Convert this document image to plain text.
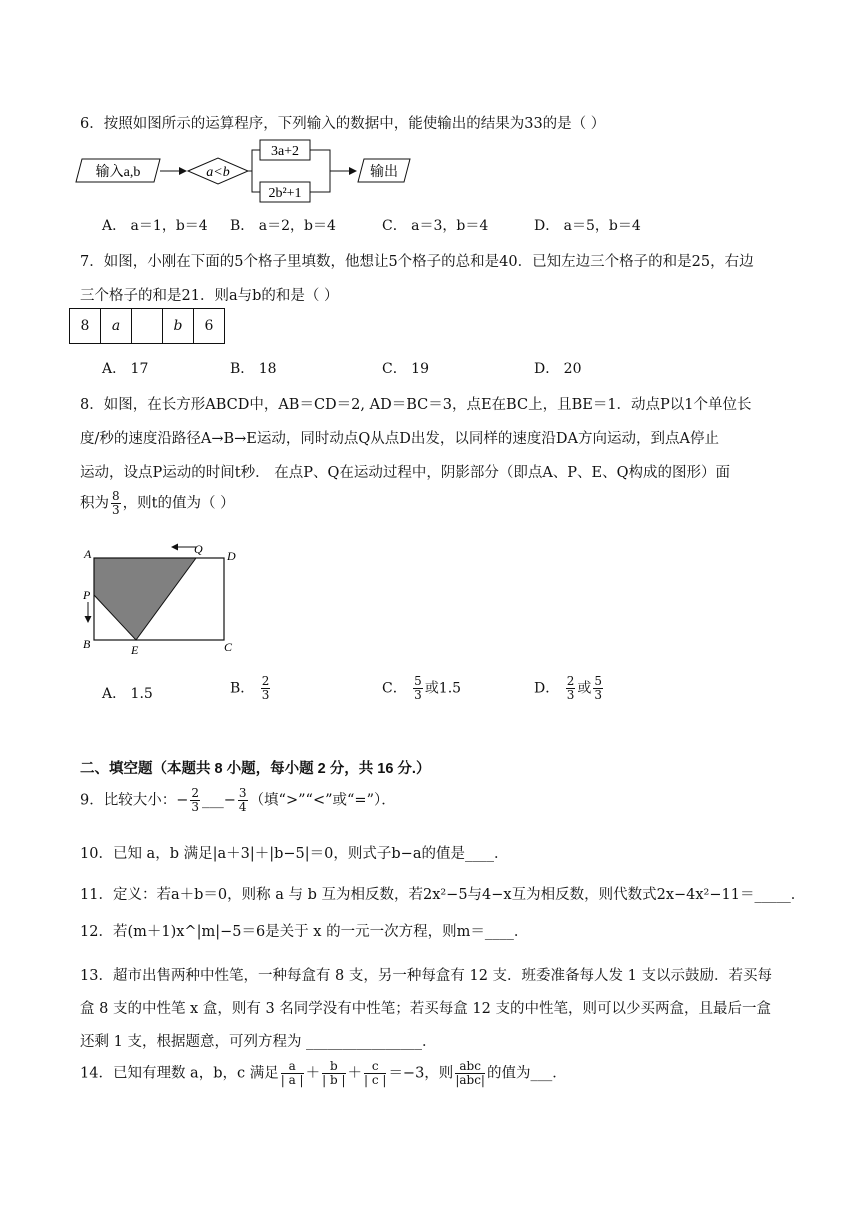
6．按照如图所示的运算程序，下列输入的数据中，能使输出的结果为33的是（ ）
输入a,b	a<b
3a+2
2b²+1
输出
A． a＝1，b＝4 B． a＝2，b＝4	C． a＝3，b＝4	D． a＝5，b＝4
7．如图，小刚在下面的5个格子里填数，他想让5个格子的总和是40．已知左边三个格子的和是25，右边
三个格子的和是21．则a与b的和是（ ）
8	a		b	6
A． 17	B． 18	C． 19	D． 20
8．如图，在长方形ABCD中，AB＝CD＝2, AD＝BC＝3，点E在BC上，且BE＝1．动点P以1个单位长
度/秒的速度沿路径A→B→E运动，同时动点Q从点D出发，以同样的速度沿DA方向运动，到点A停止
运动，设点P运动的时间t秒． 在点P、Q在运动过程中，阴影部分（即点A、P、E、Q构成的图形）面
积为 $\frac{8}{3}$ ，则t的值为（ ）
A	Q D
P
B	E	C
A． 1.5	B． $\frac{2}{3}$	C． $\frac{5}{3}$ 或1.5	D． $\frac{2}{3}$ 或 $\frac{5}{3}$
二、填空题（本题共 8 小题，每小题 2 分，共 16 分.）
9．比较大小：− $\frac{2}{3}$ ___− $\frac{3}{4}$ （填“>”“<”或“=”）．
10．已知 a，b 满足|a＋3|＋|b−5|＝0，则式子b−a的值是____．
11．定义：若a＋b＝0，则称 a 与 b 互为相反数，若2x²−5与4−x互为相反数，则代数式2x−4x²−11＝_____．
12．若(m＋1)x^|m|−5＝6是关于 x 的一元一次方程，则m＝____．
13．超市出售两种中性笔，一种每盒有 8 支，另一种每盒有 12 支．班委准备每人发 1 支以示鼓励．若买每
盒 8 支的中性笔 x 盒，则有 3 名同学没有中性笔；若买每盒 12 支的中性笔，则可以少买两盒，且最后一盒
还剩 1 支，根据题意，可列方程为 ________________．
14．已知有理数 a，b，c 满足 $\frac{a}{| a |} + \frac{b}{| b |} + \frac{c}{| c |} =-3$，则 $\frac{\text{abc}}{\text{|abc|}}$ 的值为___．
